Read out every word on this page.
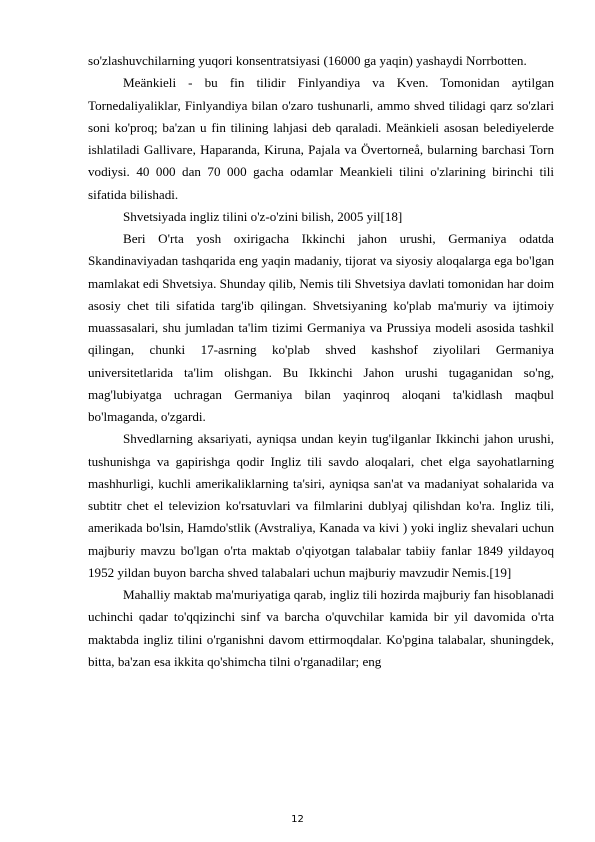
so'zlashuvchilarning yuqori konsentratsiyasi (16000 ga yaqin) yashaydi Norrbotten.

Meänkieli - bu fin tilidir Finlyandiya va Kven. Tomonidan aytilgan Tornedaliyaliklar, Finlyandiya bilan o'zaro tushunarli, ammo shved tilidagi qarz so'zlari soni ko'proq; ba'zan u fin tilining lahjasi deb qaraladi. Meänkieli asosan belediyelerde ishlatiladi Gallivare, Haparanda, Kiruna, Pajala va Övertorneå, bularning barchasi Torn vodiysi. 40 000 dan 70 000 gacha odamlar Meankieli tilini o'zlarining birinchi tili sifatida bilishadi.

Shvetsiyada ingliz tilini o'z-o'zini bilish, 2005 yil[18]

Beri O'rta yosh oxirigacha Ikkinchi jahon urushi, Germaniya odatda Skandinaviyadan tashqarida eng yaqin madaniy, tijorat va siyosiy aloqalarga ega bo'lgan mamlakat edi Shvetsiya. Shunday qilib, Nemis tili Shvetsiya davlati tomonidan har doim asosiy chet tili sifatida targ'ib qilingan. Shvetsiyaning ko'plab ma'muriy va ijtimoiy muassasalari, shu jumladan ta'lim tizimi Germaniya va Prussiya modeli asosida tashkil qilingan, chunki 17-asrning ko'plab shved kashshof ziyolilari Germaniya universitetlarida ta'lim olishgan. Bu Ikkinchi Jahon urushi tugaganidan so'ng, mag'lubiyatga uchragan Germaniya bilan yaqinroq aloqani ta'kidlash maqbul bo'lmaganda, o'zgardi.

Shvedlarning aksariyati, ayniqsa undan keyin tug'ilganlar Ikkinchi jahon urushi, tushunishga va gapirishga qodir Ingliz tili savdo aloqalari, chet elga sayohatlarning mashhurligi, kuchli amerikaliklarning ta'siri, ayniqsa san'at va madaniyat sohalarida va subtitr chet el televizion ko'rsatuvlari va filmlarini dublyaj qilishdan ko'ra. Ingliz tili, amerikada bo'lsin, Hamdo'stlik (Avstraliya, Kanada va kivi ) yoki ingliz shevalari uchun majburiy mavzu bo'lgan o'rta maktab o'qiyotgan talabalar tabiiy fanlar 1849 yildayoq 1952 yildan buyon barcha shved talabalari uchun majburiy mavzudir Nemis.[19]

Mahalliy maktab ma'muriyatiga qarab, ingliz tili hozirda majburiy fan hisoblanadi uchinchi qadar to'qqizinchi sinf va barcha o'quvchilar kamida bir yil davomida o'rta maktabda ingliz tilini o'rganishni davom ettirmoqdalar. Ko'pgina talabalar, shuningdek, bitta, ba'zan esa ikkita qo'shimcha tilni o'rganadilar; eng

12
